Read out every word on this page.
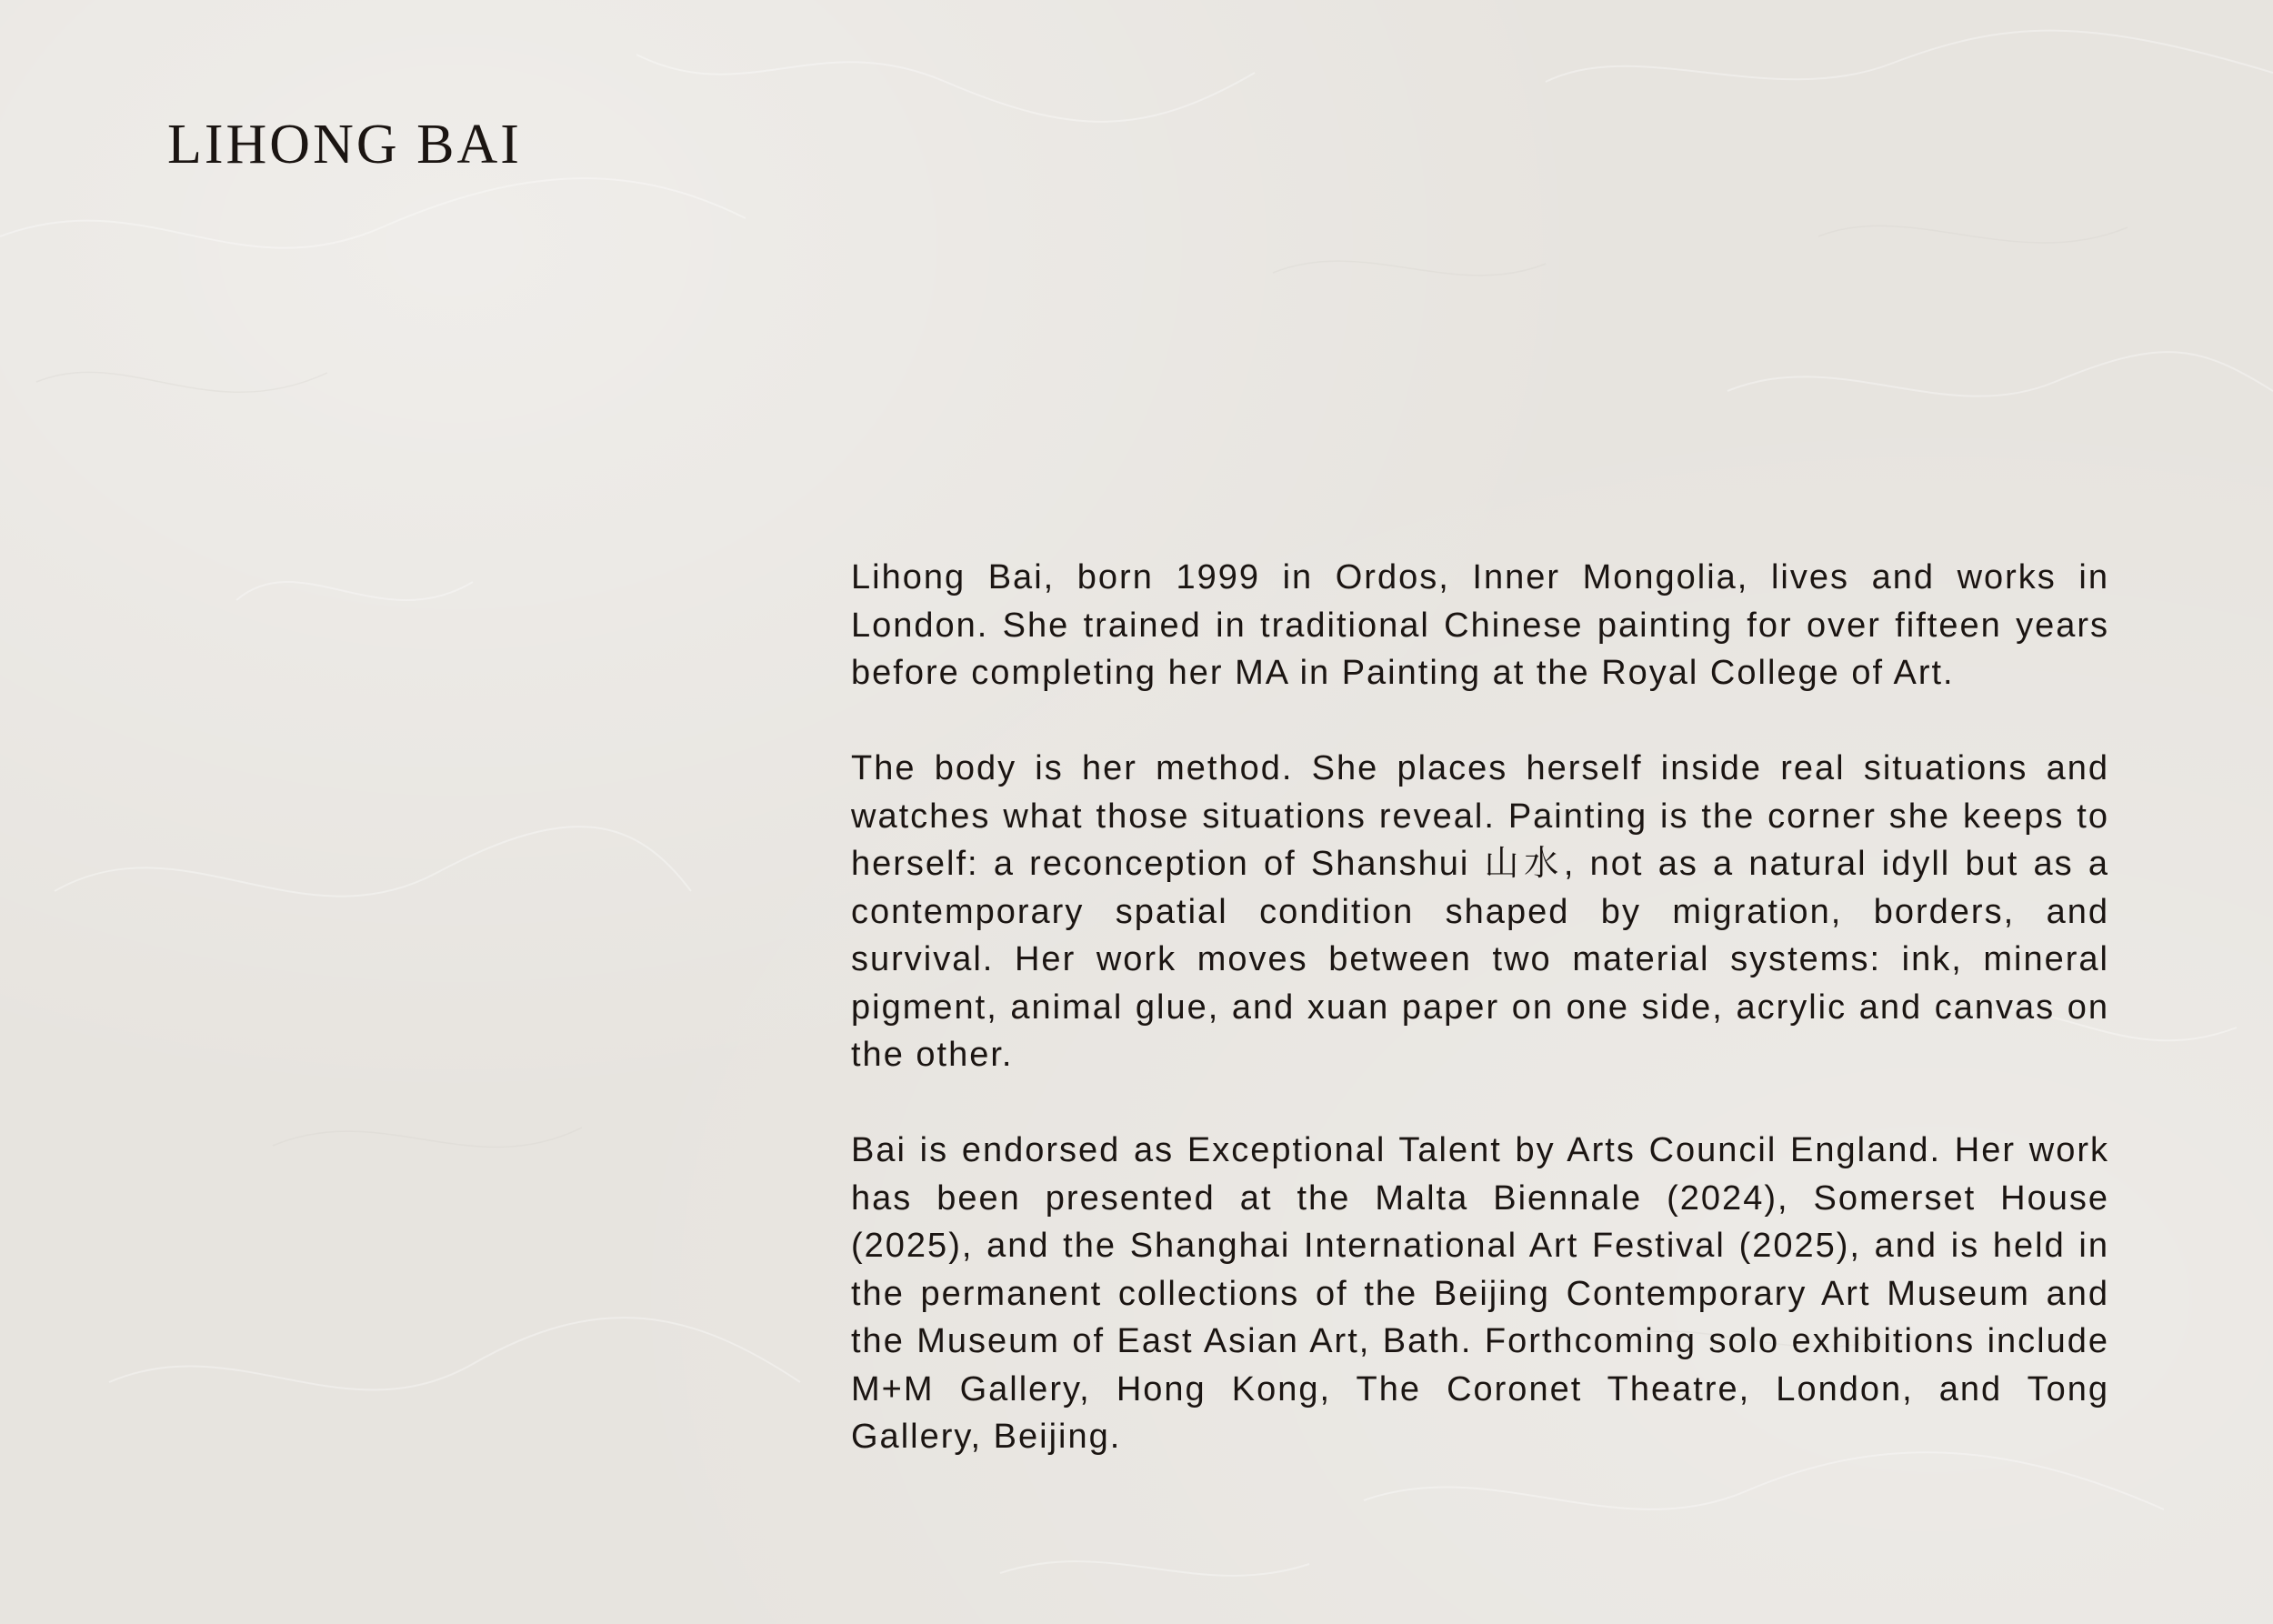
LIHONG BAI

Lihong Bai, born 1999 in Ordos, Inner Mongolia, lives and works in London. She trained in traditional Chinese painting for over fifteen years before completing her MA in Painting at the Royal College of Art.

The body is her method. She places herself inside real situations and watches what those situations reveal. Painting is the corner she keeps to herself: a reconception of Shanshui 山水, not as a natural idyll but as a contemporary spatial condition shaped by migration, borders, and survival. Her work moves between two material systems: ink, mineral pigment, animal glue, and xuan paper on one side, acrylic and canvas on the other.

Bai is endorsed as Exceptional Talent by Arts Council England. Her work has been presented at the Malta Biennale (2024), Somerset House (2025), and the Shanghai International Art Festival (2025), and is held in the permanent collections of the Beijing Contemporary Art Museum and the Museum of East Asian Art, Bath. Forthcoming solo exhibitions include M+M Gallery, Hong Kong, The Coronet Theatre, London, and Tong Gallery, Beijing.
